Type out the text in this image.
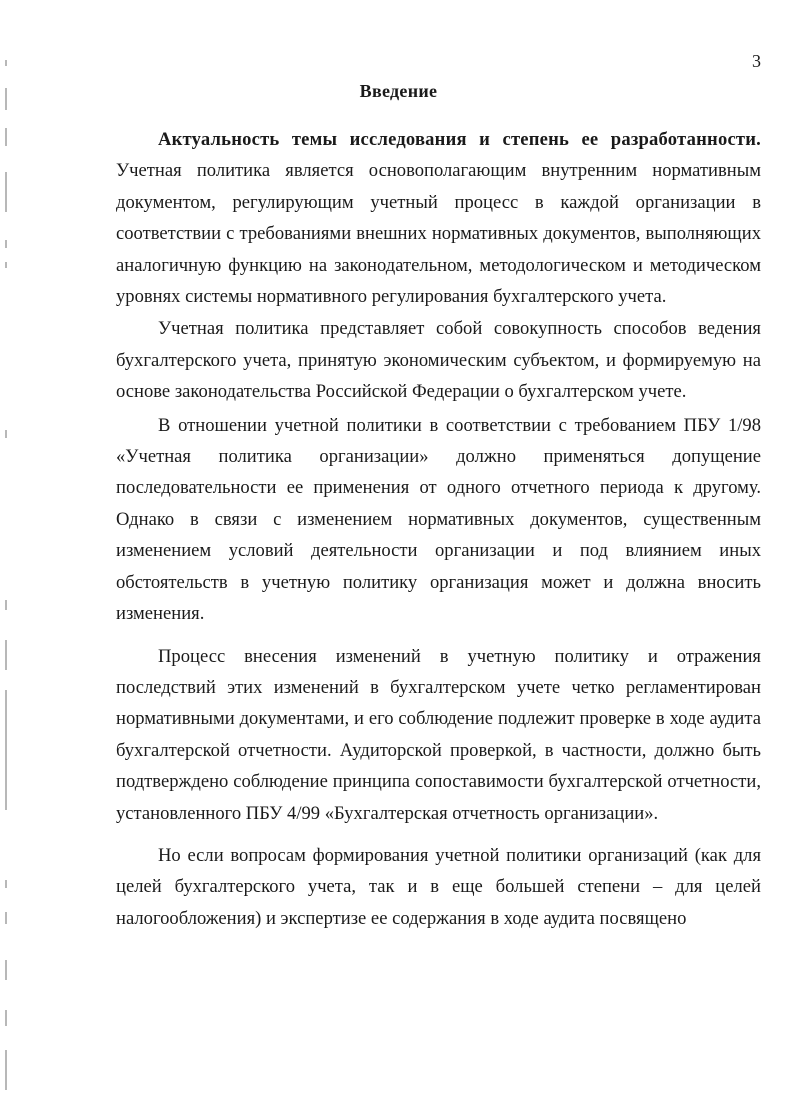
3
Введение

Актуальность темы исследования и степень ее разработанности. Учетная политика является основополагающим внутренним нормативным документом, регулирующим учетный процесс в каждой организации в соответствии с требованиями внешних нормативных документов, выполняющих аналогичную функцию на законодательном, методологическом и методическом уровнях системы нормативного регулирования бухгалтерского учета.

Учетная политика представляет собой совокупность способов ведения бухгалтерского учета, принятую экономическим субъектом, и формируемую на основе законодательства Российской Федерации о бухгалтерском учете.

В отношении учетной политики в соответствии с требованием ПБУ 1/98 «Учетная политика организации» должно применяться допущение последовательности ее применения от одного отчетного периода к другому. Однако в связи с изменением нормативных документов, существенным изменением условий деятельности организации и под влиянием иных обстоятельств в учетную политику организация может и должна вносить изменения.

Процесс внесения изменений в учетную политику и отражения последствий этих изменений в бухгалтерском учете четко регламентирован нормативными документами, и его соблюдение подлежит проверке в ходе аудита бухгалтерской отчетности. Аудиторской проверкой, в частности, должно быть подтверждено соблюдение принципа сопоставимости бухгалтерской отчетности, установленного ПБУ 4/99 «Бухгалтерская отчетность организации».

Но если вопросам формирования учетной политики организаций (как для целей бухгалтерского учета, так и в еще большей степени – для целей налогообложения) и экспертизе ее содержания в ходе аудита посвящено
